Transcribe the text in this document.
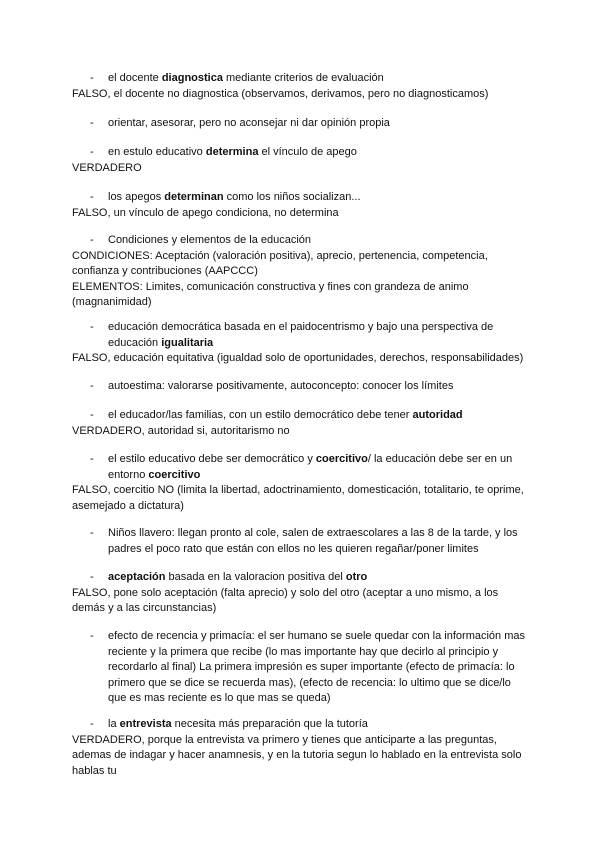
- el docente diagnostica mediante criterios de evaluación
FALSO, el docente no diagnostica (observamos, derivamos, pero no diagnosticamos)
- orientar, asesorar, pero no aconsejar ni dar opinión propia
- en estulo educativo determina el vínculo de apego
VERDADERO
- los apegos determinan como los niños socializan...
FALSO, un vínculo de apego condiciona, no determina
- Condiciones y elementos de la educación
CONDICIONES: Aceptación (valoración positiva), aprecio, pertenencia, competencia, confianza y contribuciones (AAPCCC)
ELEMENTOS: Limites, comunicación constructiva y fines con grandeza de animo (magnanimidad)
- educación democrática basada en el paidocentrismo y bajo una perspectiva de educación igualitaria
FALSO, educación equitativa (igualdad solo de oportunidades, derechos, responsabilidades)
- autoestima: valorarse positivamente, autoconcepto: conocer los límites
- el educador/las familias, con un estilo democrático debe tener autoridad
VERDADERO, autoridad si, autoritarismo no
- el estilo educativo debe ser democrático y coercitivo/ la educación debe ser en un entorno coercitivo
FALSO, coercitio NO (limita la libertad, adoctrinamiento, domesticación, totalitario, te oprime, asemejado a dictatura)
- Niños llavero: llegan pronto al cole, salen de extraescolares a las 8 de la tarde, y los padres el poco rato que están con ellos no les quieren regañar/poner limites
- aceptación basada en la valoracion positiva del otro
FALSO, pone solo aceptación (falta aprecio) y solo del otro (aceptar a uno mismo, a los demás y a las circunstancias)
- efecto de recencia y primacía: el ser humano se suele quedar con la información mas reciente y la primera que recibe (lo mas importante hay que decirlo al principio y recordarlo al final) La primera impresión es super importante (efecto de primacía: lo primero que se dice se recuerda mas), (efecto de recencia: lo ultimo que se dice/lo que es mas reciente es lo que mas se queda)
- la entrevista necesita más preparación que la tutoría
VERDADERO, porque la entrevista va primero y tienes que anticiparte a las preguntas, ademas de indagar y hacer anamnesis, y en la tutoria segun lo hablado en la entrevista solo hablas tu
